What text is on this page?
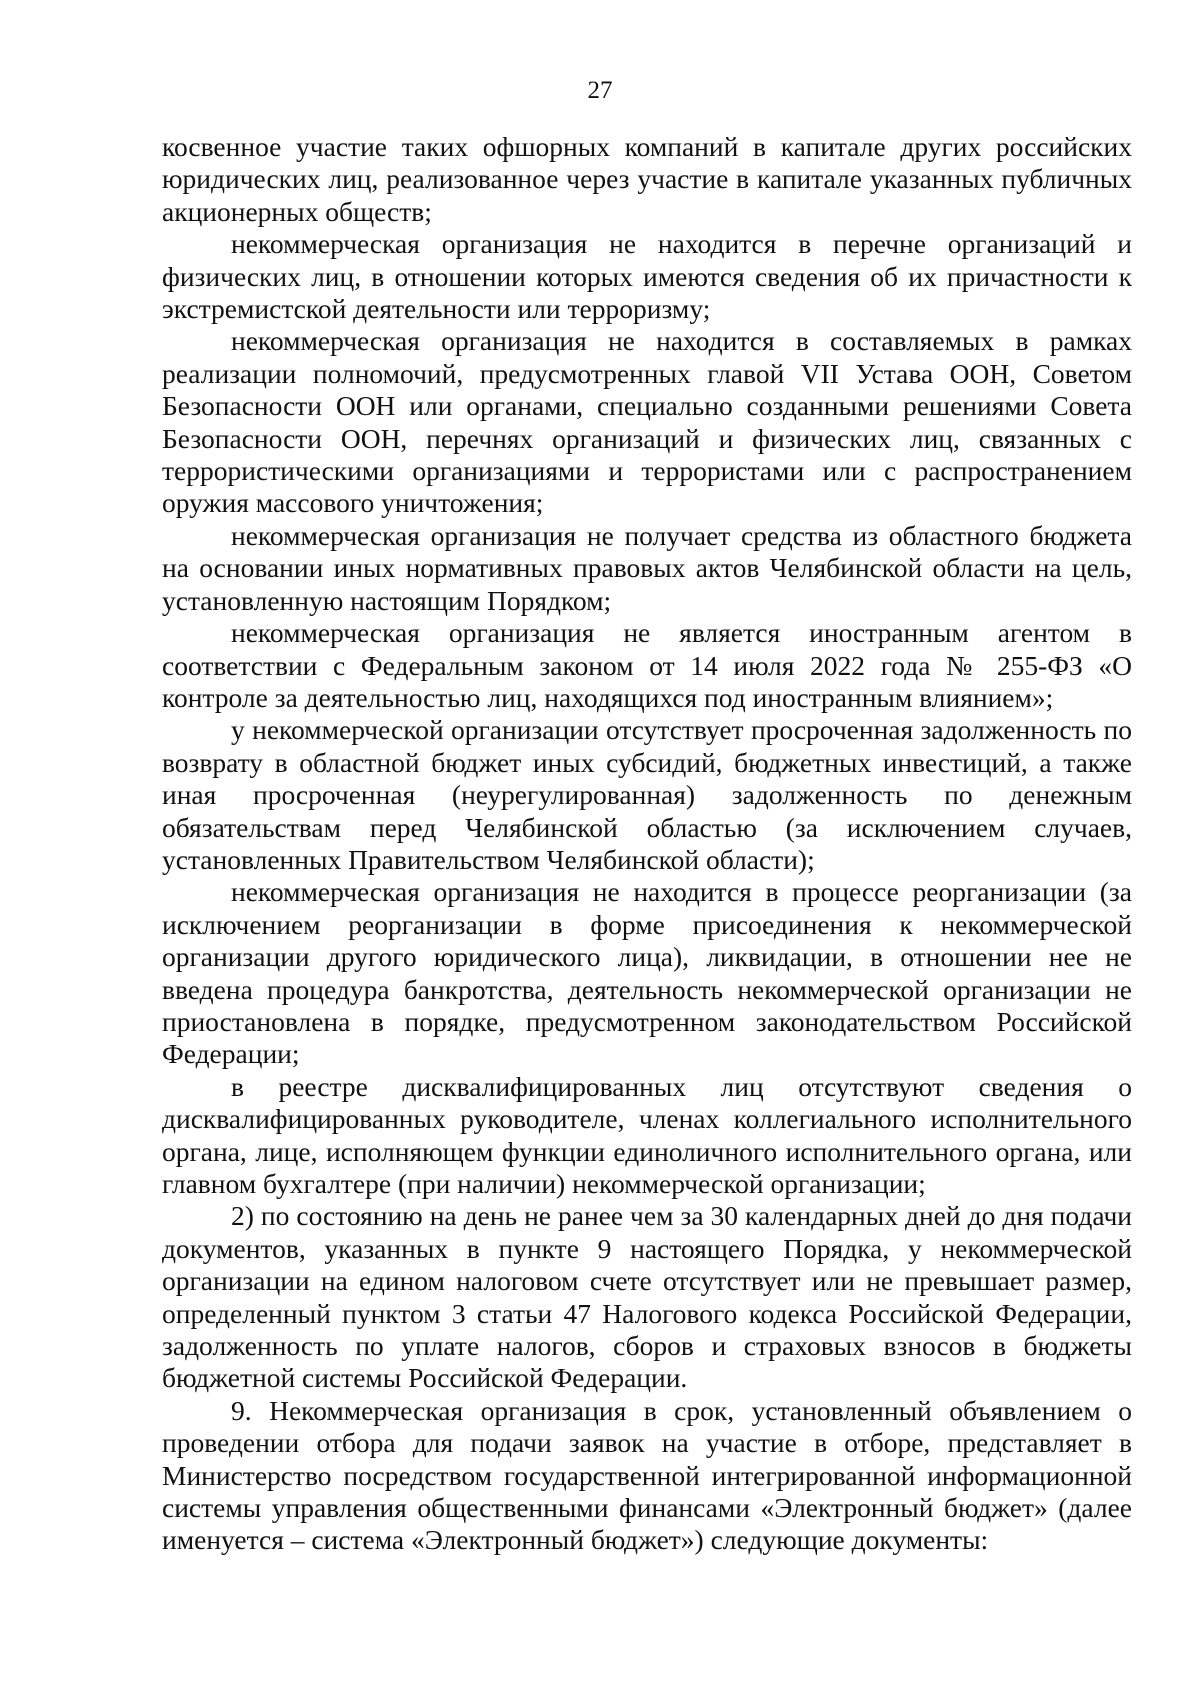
27

косвенное участие таких офшорных компаний в капитале других российских юридических лиц, реализованное через участие в капитале указанных публичных акционерных обществ;

некоммерческая организация не находится в перечне организаций и физических лиц, в отношении которых имеются сведения об их причастности к экстремистской деятельности или терроризму;

некоммерческая организация не находится в составляемых в рамках реализации полномочий, предусмотренных главой VII Устава ООН, Советом Безопасности ООН или органами, специально созданными решениями Совета Безопасности ООН, перечнях организаций и физических лиц, связанных с террористическими организациями и террористами или с распространением оружия массового уничтожения;

некоммерческая организация не получает средства из областного бюджета на основании иных нормативных правовых актов Челябинской области на цель, установленную настоящим Порядком;

некоммерческая организация не является иностранным агентом в соответствии с Федеральным законом от 14 июля 2022 года № 255-ФЗ «О контроле за деятельностью лиц, находящихся под иностранным влиянием»;

у некоммерческой организации отсутствует просроченная задолженность по возврату в областной бюджет иных субсидий, бюджетных инвестиций, а также иная просроченная (неурегулированная) задолженность по денежным обязательствам перед Челябинской областью (за исключением случаев, установленных Правительством Челябинской области);

некоммерческая организация не находится в процессе реорганизации (за исключением реорганизации в форме присоединения к некоммерческой организации другого юридического лица), ликвидации, в отношении нее не введена процедура банкротства, деятельность некоммерческой организации не приостановлена в порядке, предусмотренном законодательством Российской Федерации;

в реестре дисквалифицированных лиц отсутствуют сведения о дисквалифицированных руководителе, членах коллегиального исполнительного органа, лице, исполняющем функции единоличного исполнительного органа, или главном бухгалтере (при наличии) некоммерческой организации;

2) по состоянию на день не ранее чем за 30 календарных дней до дня подачи документов, указанных в пункте 9 настоящего Порядка, у некоммерческой организации на едином налоговом счете отсутствует или не превышает размер, определенный пунктом 3 статьи 47 Налогового кодекса Российской Федерации, задолженность по уплате налогов, сборов и страховых взносов в бюджеты бюджетной системы Российской Федерации.

9. Некоммерческая организация в срок, установленный объявлением о проведении отбора для подачи заявок на участие в отборе, представляет в Министерство посредством государственной интегрированной информационной системы управления общественными финансами «Электронный бюджет» (далее именуется – система «Электронный бюджет») следующие документы:
